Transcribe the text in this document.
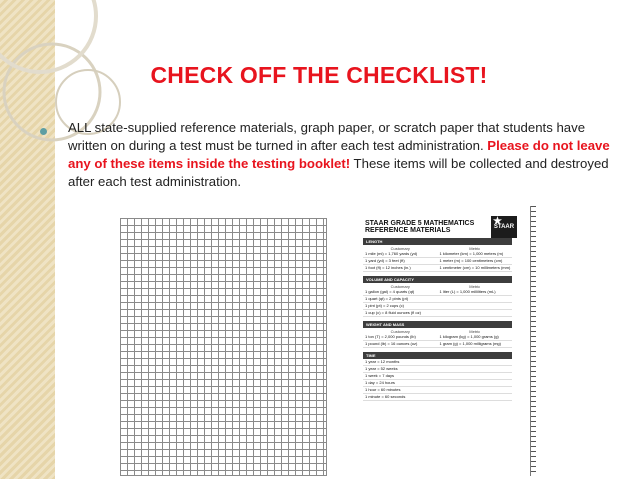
CHECK OFF THE CHECKLIST!
ALL state-supplied reference materials, graph paper, or scratch paper that students have written on during a test must be turned in after each test administration. Please do not leave any of these items inside the testing booklet! These items will be collected and destroyed after each test administration.
STAAR GRADE 5 MATHEMATICS
REFERENCE MATERIALS
★
STAAR
LENGTH
Customary	Metric
1 mile (mi) = 1,760 yards (yd)	1 kilometer (km) = 1,000 meters (m)
1 yard (yd) = 3 feet (ft)	1 meter (m) = 100 centimeters (cm)
1 foot (ft) = 12 inches (in.)	1 centimeter (cm) = 10 millimeters (mm)
VOLUME AND CAPACITY
Customary	Metric
1 gallon (gal) = 4 quarts (qt)	1 liter (L) = 1,000 milliliters (mL)
1 quart (qt) = 2 pints (pt)
1 pint (pt) = 2 cups (c)
1 cup (c) = 8 fluid ounces (fl oz)
WEIGHT AND MASS
Customary	Metric
1 ton (T) = 2,000 pounds (lb)	1 kilogram (kg) = 1,000 grams (g)
1 pound (lb) = 16 ounces (oz)	1 gram (g) = 1,000 milligrams (mg)
TIME
1 year = 12 months
1 year = 52 weeks
1 week = 7 days
1 day = 24 hours
1 hour = 60 minutes
1 minute = 60 seconds
